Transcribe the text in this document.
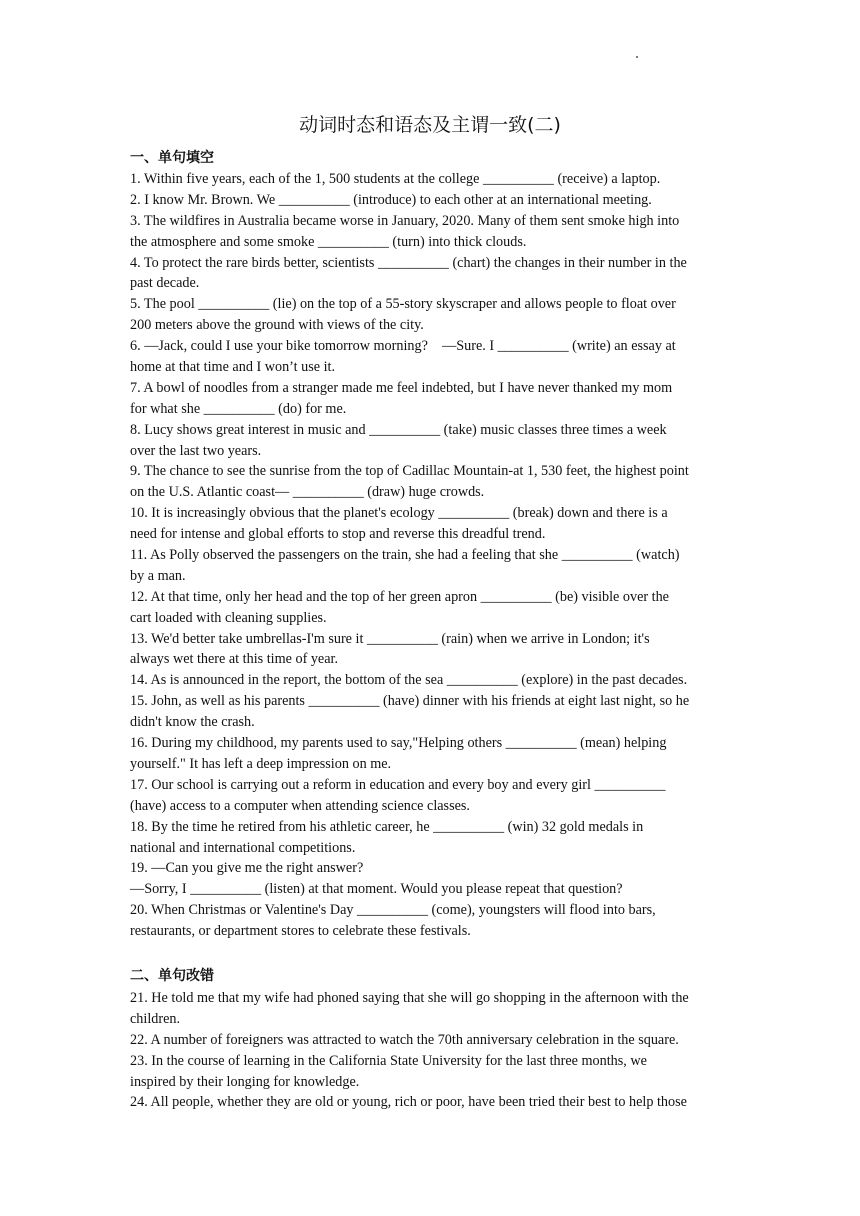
动词时态和语态及主谓一致(二)
一、单句填空
1. Within five years, each of the 1, 500 students at the college __________ (receive) a laptop.
2. I know Mr. Brown. We __________ (introduce) to each other at an international meeting.
3. The wildfires in Australia became worse in January, 2020. Many of them sent smoke high into
the atmosphere and some smoke __________ (turn) into thick clouds.
4. To protect the rare birds better, scientists __________ (chart) the changes in their number in the
past decade.
5. The pool __________ (lie) on the top of a 55-story skyscraper and allows people to float over
200 meters above the ground with views of the city.
6. —Jack, could I use your bike tomorrow morning?    —Sure. I __________ (write) an essay at
home at that time and I won’t use it.
7. A bowl of noodles from a stranger made me feel indebted, but I have never thanked my mom
for what she __________ (do) for me.
8. Lucy shows great interest in music and __________ (take) music classes three times a week
over the last two years.
9. The chance to see the sunrise from the top of Cadillac Mountain-at 1, 530 feet, the highest point
on the U.S. Atlantic coast— __________ (draw) huge crowds.
10. It is increasingly obvious that the planet's ecology __________ (break) down and there is a
need for intense and global efforts to stop and reverse this dreadful trend.
11. As Polly observed the passengers on the train, she had a feeling that she __________ (watch)
by a man.
12. At that time, only her head and the top of her green apron __________ (be) visible over the
cart loaded with cleaning supplies.
13. We'd better take umbrellas-I'm sure it __________ (rain) when we arrive in London; it's
always wet there at this time of year.
14. As is announced in the report, the bottom of the sea __________ (explore) in the past decades.
15. John, as well as his parents __________ (have) dinner with his friends at eight last night, so he
didn't know the crash.
16. During my childhood, my parents used to say,"Helping others __________ (mean) helping
yourself." It has left a deep impression on me.
17. Our school is carrying out a reform in education and every boy and every girl __________
(have) access to a computer when attending science classes.
18. By the time he retired from his athletic career, he __________ (win) 32 gold medals in
national and international competitions.
19. —Can you give me the right answer?
—Sorry, I __________ (listen) at that moment. Would you please repeat that question?
20. When Christmas or Valentine's Day __________ (come), youngsters will flood into bars,
restaurants, or department stores to celebrate these festivals.
二、单句改错
21. He told me that my wife had phoned saying that she will go shopping in the afternoon with the
children.
22. A number of foreigners was attracted to watch the 70th anniversary celebration in the square.
23. In the course of learning in the California State University for the last three months, we
inspired by their longing for knowledge.
24. All people, whether they are old or young, rich or poor, have been tried their best to help those
